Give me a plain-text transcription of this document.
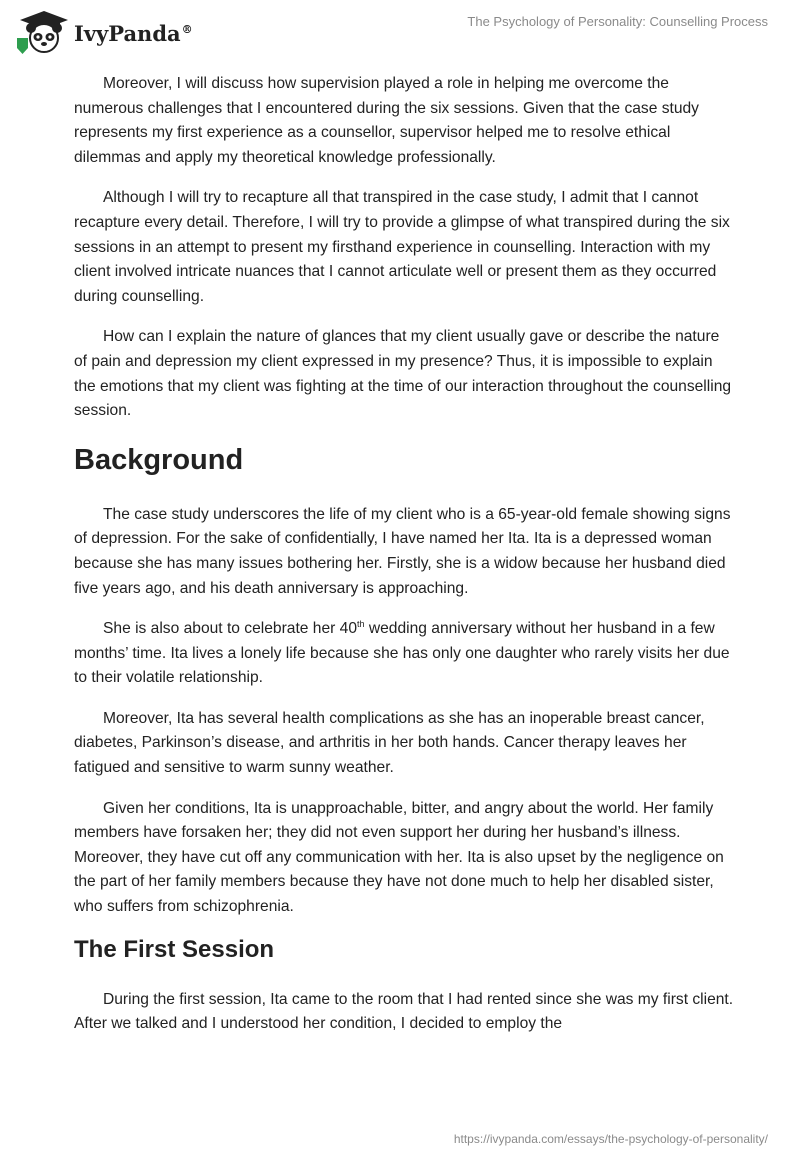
IvyPanda®	The Psychology of Personality: Counselling Process

Moreover, I will discuss how supervision played a role in helping me overcome the numerous challenges that I encountered during the six sessions. Given that the case study represents my first experience as a counsellor, supervisor helped me to resolve ethical dilemmas and apply my theoretical knowledge professionally.

Although I will try to recapture all that transpired in the case study, I admit that I cannot recapture every detail. Therefore, I will try to provide a glimpse of what transpired during the six sessions in an attempt to present my firsthand experience in counselling. Interaction with my client involved intricate nuances that I cannot articulate well or present them as they occurred during counselling.

How can I explain the nature of glances that my client usually gave or describe the nature of pain and depression my client expressed in my presence? Thus, it is impossible to explain the emotions that my client was fighting at the time of our interaction throughout the counselling session.

Background

The case study underscores the life of my client who is a 65-year-old female showing signs of depression. For the sake of confidentially, I have named her Ita. Ita is a depressed woman because she has many issues bothering her. Firstly, she is a widow because her husband died five years ago, and his death anniversary is approaching.

She is also about to celebrate her 40th wedding anniversary without her husband in a few months’ time. Ita lives a lonely life because she has only one daughter who rarely visits her due to their volatile relationship.

Moreover, Ita has several health complications as she has an inoperable breast cancer, diabetes, Parkinson’s disease, and arthritis in her both hands. Cancer therapy leaves her fatigued and sensitive to warm sunny weather.

Given her conditions, Ita is unapproachable, bitter, and angry about the world. Her family members have forsaken her; they did not even support her during her husband’s illness. Moreover, they have cut off any communication with her. Ita is also upset by the negligence on the part of her family members because they have not done much to help her disabled sister, who suffers from schizophrenia.

The First Session

During the first session, Ita came to the room that I had rented since she was my first client. After we talked and I understood her condition, I decided to employ the

https://ivypanda.com/essays/the-psychology-of-personality/
